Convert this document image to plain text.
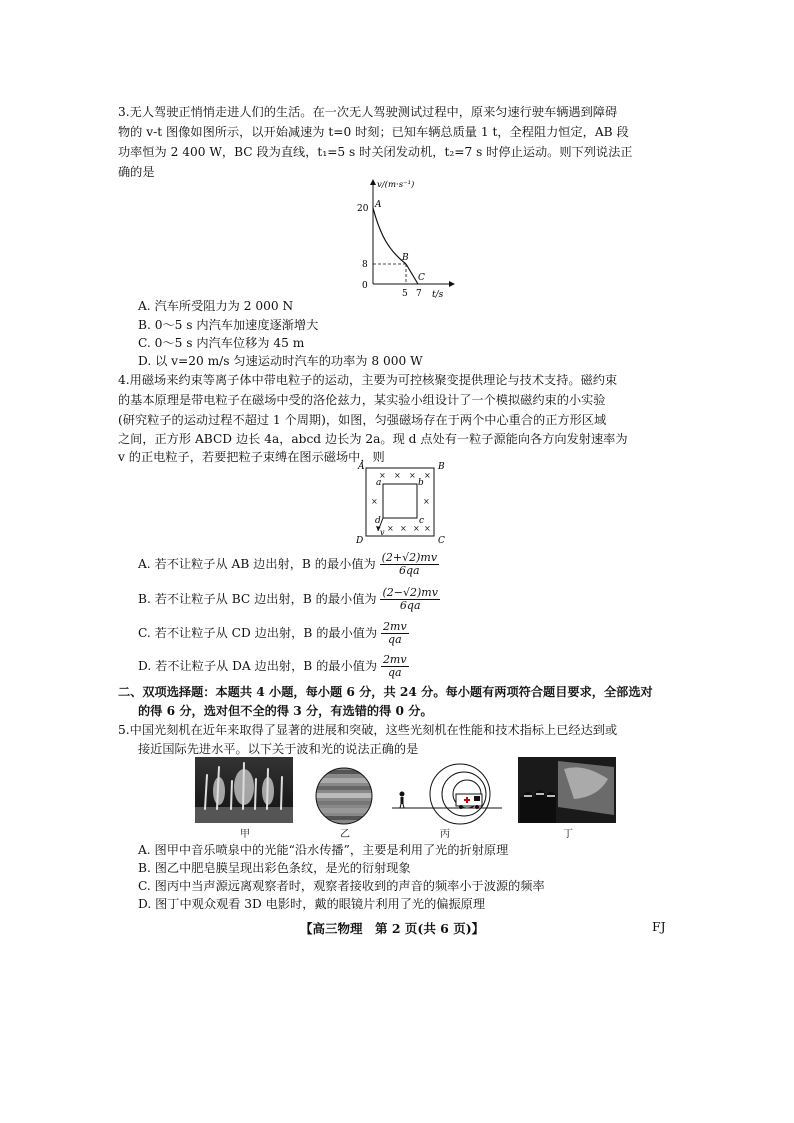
3.无人驾驶正悄悄走进人们的生活。在一次无人驾驶测试过程中，原来匀速行驶车辆遇到障碍
物的 v-t 图像如图所示，以开始减速为 t=0 时刻；已知车辆总质量 1 t，全程阻力恒定，AB 段
功率恒为 2 400 W，BC 段为直线，t₁=5 s 时关闭发动机，t₂=7 s 时停止运动。则下列说法正
确的是
v/(m·s⁻¹)
t/s
20
8
0
5 7
A
B
C
A. 汽车所受阻力为 2 000 N
B. 0～5 s 内汽车加速度逐渐增大
C. 0～5 s 内汽车位移为 45 m
D. 以 v=20 m/s 匀速运动时汽车的功率为 8 000 W
4.用磁场来约束等离子体中带电粒子的运动，主要为可控核聚变提供理论与技术支持。磁约束
的基本原理是带电粒子在磁场中受的洛伦兹力，某实验小组设计了一个模拟磁约束的小实验
(研究粒子的运动过程不超过 1 个周期)，如图，匀强磁场存在于两个中心重合的正方形区域
之间，正方形 ABCD 边长 4a，abcd 边长为 2a。现 d 点处有一粒子源能向各方向发射速率为
v 的正电粒子，若要把粒子束缚在图示磁场中，则
A	B
C
D
a	b
c
d
× × × ×
×	×
× × × ×
v
A. 若不让粒子从 AB 边出射，B 的最小值为 $\frac{(2+√2)mv}{6qa}$
B. 若不让粒子从 BC 边出射，B 的最小值为 $\frac{(2-√2)mv}{6qa}$
C. 若不让粒子从 CD 边出射，B 的最小值为 $\frac{2mv}{qa}$
D. 若不让粒子从 DA 边出射，B 的最小值为 $\frac{2mv}{qa}$
二、双项选择题：本题共 4 小题，每小题 6 分，共 24 分。每小题有两项符合题目要求，全部选对
的得 6 分，选对但不全的得 3 分，有选错的得 0 分。
5.中国光刻机在近年来取得了显著的进展和突破，这些光刻机在性能和技术指标上已经达到或
接近国际先进水平。以下关于波和光的说法正确的是
甲	乙	丙	丁
A. 图甲中音乐喷泉中的光能“沿水传播”，主要是利用了光的折射原理
B. 图乙中肥皂膜呈现出彩色条纹，是光的衍射现象
C. 图丙中当声源远离观察者时，观察者接收到的声音的频率小于波源的频率
D. 图丁中观众观看 3D 电影时，戴的眼镜片利用了光的偏振原理
【高三物理　第 2 页(共 6 页)】	FJ
